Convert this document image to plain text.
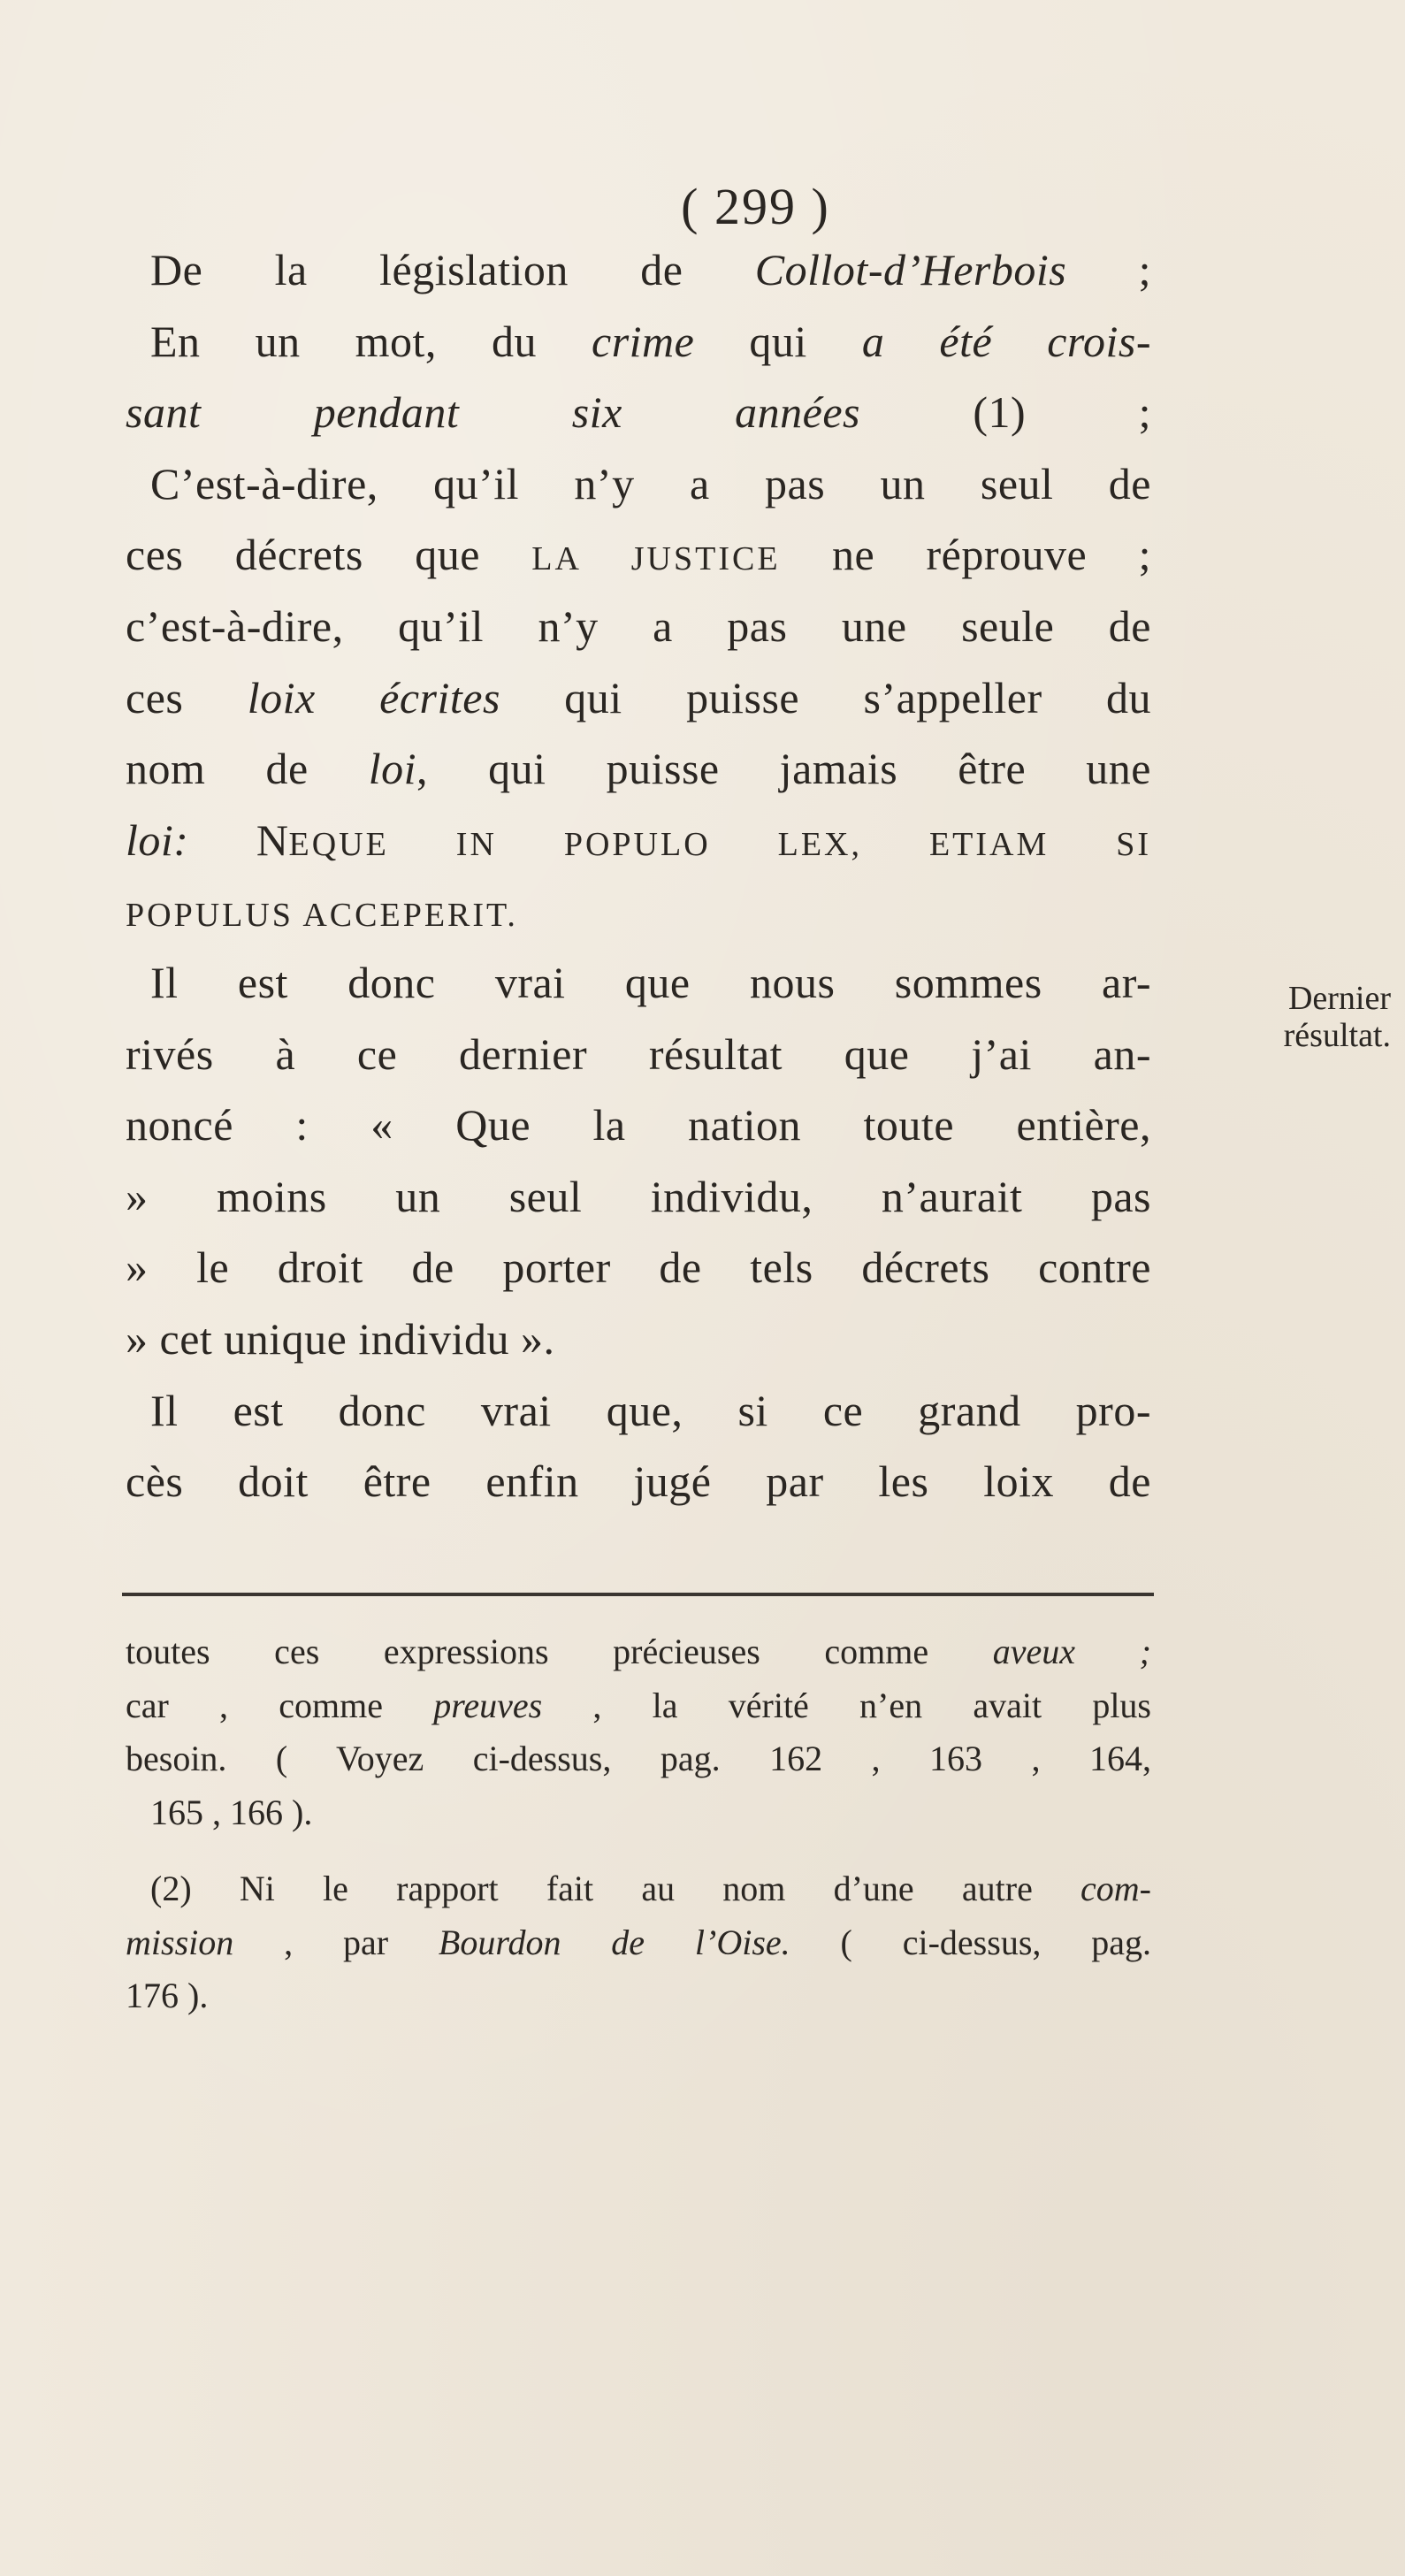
( 299 )
De la législation de Collot-d’Herbois ;
En un mot, du crime qui a été crois-
sant pendant six années (1) ;
C’est-à-dire, qu’il n’y a pas un seul de
ces décrets que LA JUSTICE ne réprouve ;
c’est-à-dire, qu’il n’y a pas une seule de
ces loix écrites qui puisse s’appeller du
nom de loi, qui puisse jamais être une
loi: NEQUE IN POPULO LEX, ETIAM SI
POPULUS ACCEPERIT.
Il est donc vrai que nous sommes ar-
rivés à ce dernier résultat que j’ai an-
noncé : « Que la nation toute entière,
» moins un seul individu, n’aurait pas
» le droit de porter de tels décrets contre
» cet unique individu ».
Il est donc vrai que, si ce grand pro-
cès doit être enfin jugé par les loix de
Dernier
résultat.
toutes ces expressions précieuses comme aveux ;
car , comme preuves , la vérité n’en avait plus
besoin. ( Voyez ci-dessus, pag. 162 , 163 , 164,
165 , 166 ).
(2) Ni le rapport fait au nom d’une autre com-
mission , par Bourdon de l’Oise. ( ci-dessus, pag.
176 ).
